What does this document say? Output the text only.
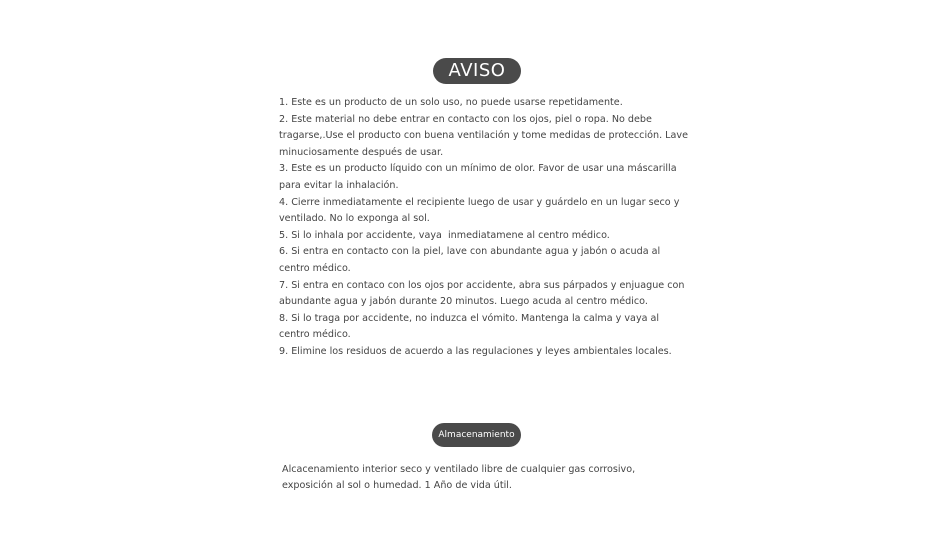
AVISO
1. Este es un producto de un solo uso, no puede usarse repetidamente.
2. Este material no debe entrar en contacto con los ojos, piel o ropa. No debe tragarse,.Use el producto con buena ventilación y tome medidas de protección. Lave minuciosamente después de usar.
3. Este es un producto líquido con un mínimo de olor. Favor de usar una máscarilla para evitar la inhalación.
4. Cierre inmediatamente el recipiente luego de usar y guárdelo en un lugar seco y ventilado. No lo exponga al sol.
5. Si lo inhala por accidente, vaya  inmediatamene al centro médico.
6. Si entra en contacto con la piel, lave con abundante agua y jabón o acuda al centro médico.
7. Si entra en contaco con los ojos por accidente, abra sus párpados y enjuague con abundante agua y jabón durante 20 minutos. Luego acuda al centro médico.
8. Si lo traga por accidente, no induzca el vómito. Mantenga la calma y vaya al centro médico.
9. Elimine los residuos de acuerdo a las regulaciones y leyes ambientales locales.
Almacenamiento

Alcacenamiento interior seco y ventilado libre de cualquier gas corrosivo, exposición al sol o humedad. 1 Año de vida útil.
